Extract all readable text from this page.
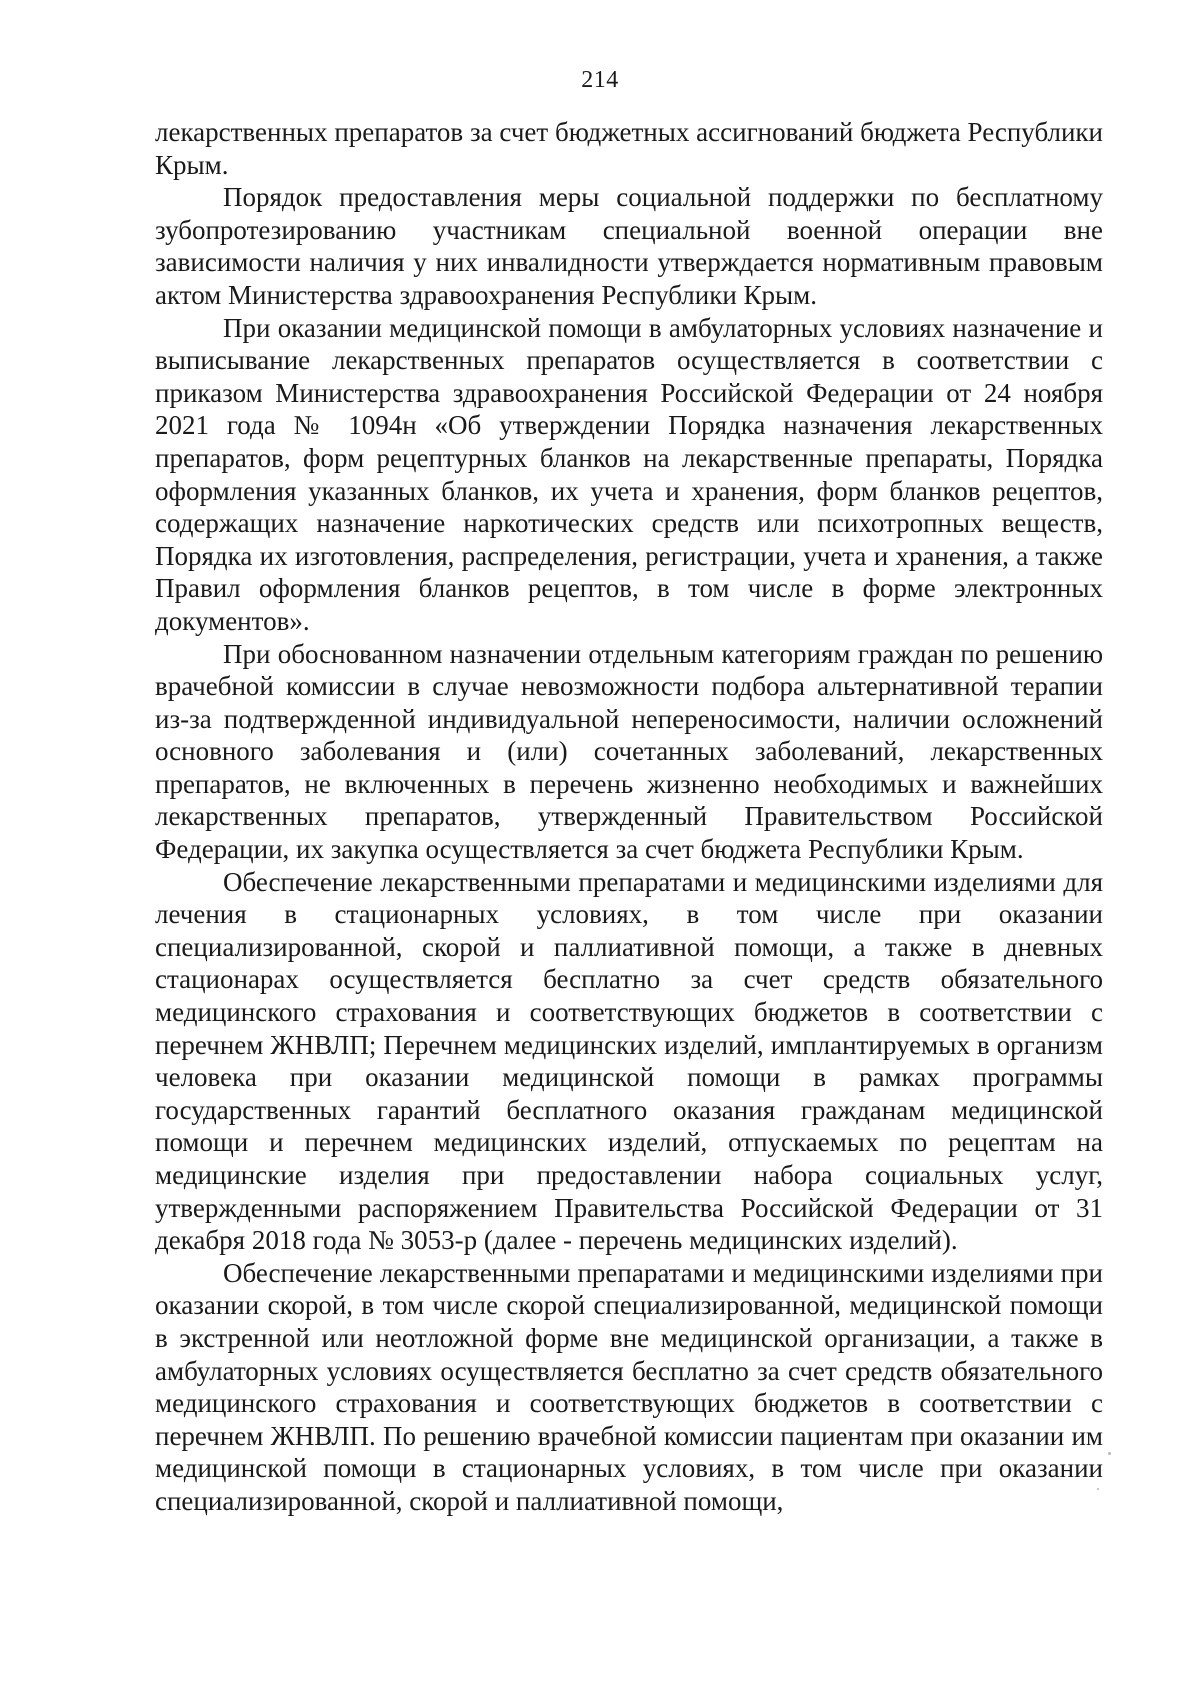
214

лекарственных препаратов за счет бюджетных ассигнований бюджета Республики Крым.

Порядок предоставления меры социальной поддержки по бесплатному зубопротезированию участникам специальной военной операции вне зависимости наличия у них инвалидности утверждается нормативным правовым актом Министерства здравоохранения Республики Крым.

При оказании медицинской помощи в амбулаторных условиях назначение и выписывание лекарственных препаратов осуществляется в соответствии с приказом Министерства здравоохранения Российской Федерации от 24 ноября 2021 года № 1094н «Об утверждении Порядка назначения лекарственных препаратов, форм рецептурных бланков на лекарственные препараты, Порядка оформления указанных бланков, их учета и хранения, форм бланков рецептов, содержащих назначение наркотических средств или психотропных веществ, Порядка их изготовления, распределения, регистрации, учета и хранения, а также Правил оформления бланков рецептов, в том числе в форме электронных документов».

При обоснованном назначении отдельным категориям граждан по решению врачебной комиссии в случае невозможности подбора альтернативной терапии из-за подтвержденной индивидуальной непереносимости, наличии осложнений основного заболевания и (или) сочетанных заболеваний, лекарственных препаратов, не включенных в перечень жизненно необходимых и важнейших лекарственных препаратов, утвержденный Правительством Российской Федерации, их закупка осуществляется за счет бюджета Республики Крым.

Обеспечение лекарственными препаратами и медицинскими изделиями для лечения в стационарных условиях, в том числе при оказании специализированной, скорой и паллиативной помощи, а также в дневных стационарах осуществляется бесплатно за счет средств обязательного медицинского страхования и соответствующих бюджетов в соответствии с перечнем ЖНВЛП; Перечнем медицинских изделий, имплантируемых в организм человека при оказании медицинской помощи в рамках программы государственных гарантий бесплатного оказания гражданам медицинской помощи и перечнем медицинских изделий, отпускаемых по рецептам на медицинские изделия при предоставлении набора социальных услуг, утвержденными распоряжением Правительства Российской Федерации от 31 декабря 2018 года № 3053-р (далее - перечень медицинских изделий).

Обеспечение лекарственными препаратами и медицинскими изделиями при оказании скорой, в том числе скорой специализированной, медицинской помощи в экстренной или неотложной форме вне медицинской организации, а также в амбулаторных условиях осуществляется бесплатно за счет средств обязательного медицинского страхования и соответствующих бюджетов в соответствии с перечнем ЖНВЛП. По решению врачебной комиссии пациентам при оказании им медицинской помощи в стационарных условиях, в том числе при оказании специализированной, скорой и паллиативной помощи,
